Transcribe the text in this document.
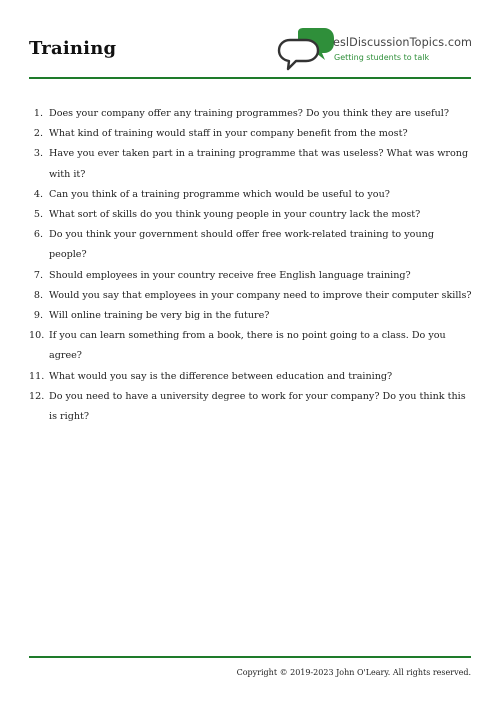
Training	eslDiscussionTopics.com
Getting students to talk
1. Does your company offer any training programmes? Do you think they are useful?
2. What kind of training would staff in your company benefit from the most?
3. Have you ever taken part in a training programme that was useless? What was wrong with it?
4. Can you think of a training programme which would be useful to you?
5. What sort of skills do you think young people in your country lack the most?
6. Do you think your government should offer free work-related training to young people?
7. Should employees in your country receive free English language training?
8. Would you say that employees in your company need to improve their computer skills?
9. Will online training be very big in the future?
10. If you can learn something from a book, there is no point going to a class. Do you agree?
11. What would you say is the difference between education and training?
12. Do you need to have a university degree to work for your company? Do you think this is right?
Copyright © 2019-2023 John O'Leary. All rights reserved.
